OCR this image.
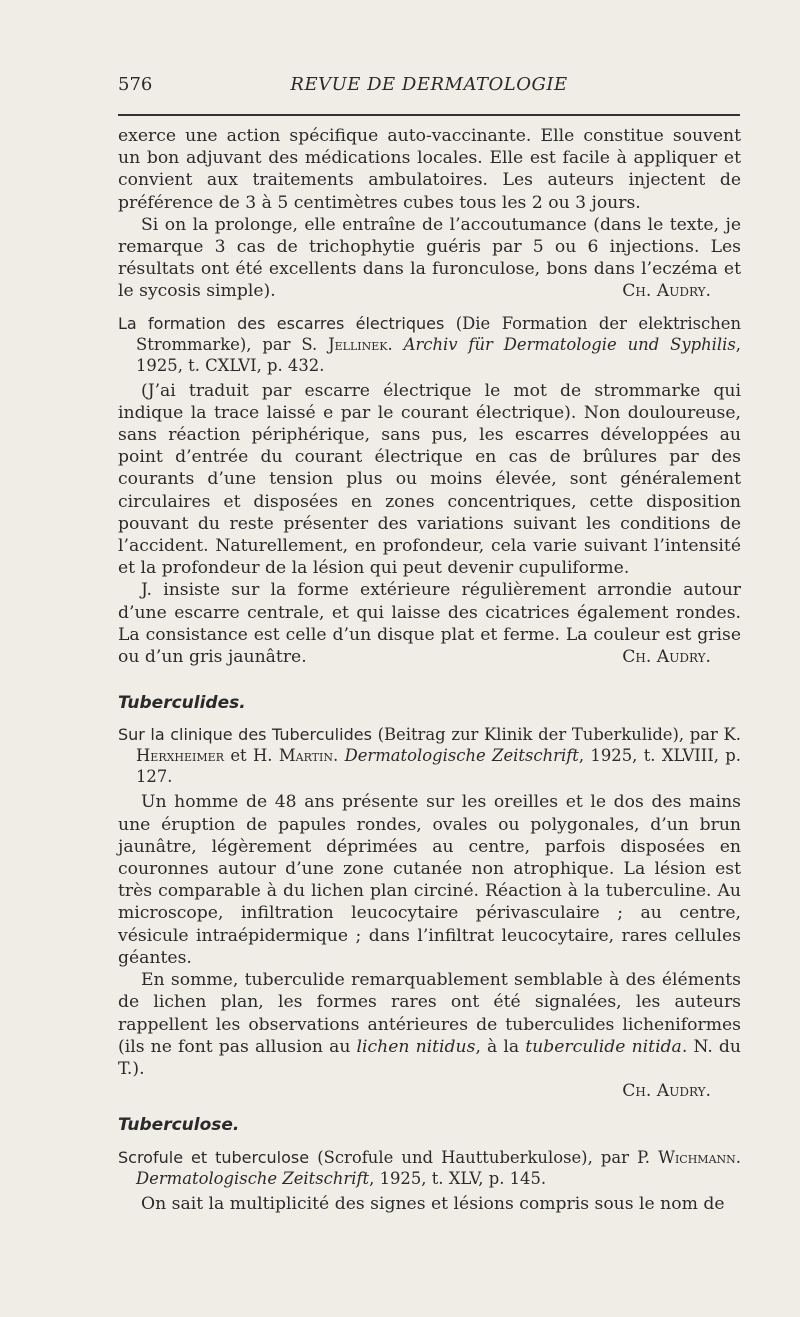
576	REVUE DE DERMATOLOGIE

exerce une action spécifique auto-vaccinante. Elle constitue souvent un bon adjuvant des médications locales. Elle est facile à appliquer et convient aux traitements ambulatoires. Les auteurs injectent de préférence de 3 à 5 centimètres cubes tous les 2 ou 3 jours.

Si on la prolonge, elle entraîne de l’accoutumance (dans le texte, je remarque 3 cas de trichophytie guéris par 5 ou 6 injections. Les résultats ont été excellents dans la furonculose, bons dans l’eczéma et le sycosis simple).	Ch. Audry.

La formation des escarres électriques (Die Formation der elektrischen Strommarke), par S. Jellinek. Archiv für Dermatologie und Syphilis, 1925, t. CXLVI, p. 432.

(J’ai traduit par escarre électrique le mot de strommarke qui indique la trace laissé e par le courant électrique). Non douloureuse, sans réaction périphérique, sans pus, les escarres développées au point d’entrée du courant électrique en cas de brûlures par des courants d’une tension plus ou moins élevée, sont généralement circulaires et disposées en zones concentriques, cette disposition pouvant du reste présenter des variations suivant les conditions de l’accident. Naturellement, en profondeur, cela varie suivant l’intensité et la profondeur de la lésion qui peut devenir cupuliforme.

J. insiste sur la forme extérieure régulièrement arrondie autour d’une escarre centrale, et qui laisse des cicatrices également rondes. La consistance est celle d’un disque plat et ferme. La couleur est grise ou d’un gris jaunâtre.	Ch. Audry.

Tuberculides.

Sur la clinique des Tuberculides (Beitrag zur Klinik der Tuberkulide), par K. Herxheimer et H. Martin. Dermatologische Zeitschrift, 1925, t. XLVIII, p. 127.

Un homme de 48 ans présente sur les oreilles et le dos des mains une éruption de papules rondes, ovales ou polygonales, d’un brun jaunâtre, légèrement déprimées au centre, parfois disposées en couronnes autour d’une zone cutanée non atrophique. La lésion est très comparable à du lichen plan circiné. Réaction à la tuberculine. Au microscope, infiltration leucocytaire périvasculaire ; au centre, vésicule intraépidermique ; dans l’infiltrat leucocytaire, rares cellules géantes.

En somme, tuberculide remarquablement semblable à des éléments de lichen plan, les formes rares ont été signalées, les auteurs rappellent les observations antérieures de tuberculides licheniformes (ils ne font pas allusion au lichen nitidus, à la tuberculide nitida. N. du T.).

Ch. Audry.
Tuberculose.

Scrofule et tuberculose (Scrofule und Hauttuberkulose), par P. Wichmann. Dermatologische Zeitschrift, 1925, t. XLV, p. 145.

On sait la multiplicité des signes et lésions compris sous le nom de
